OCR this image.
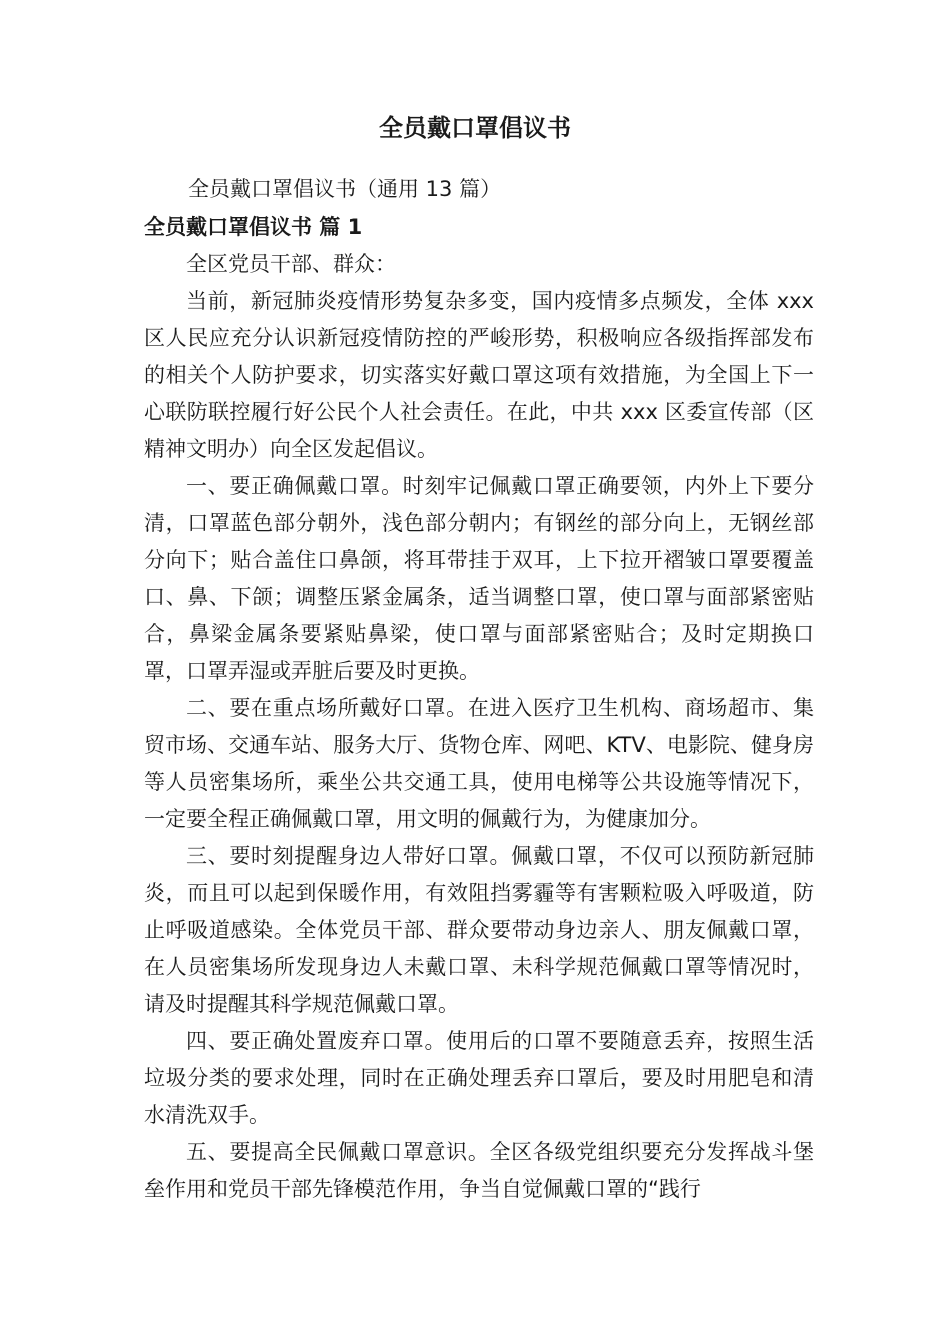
全员戴口罩倡议书

全员戴口罩倡议书（通用 13 篇）

全员戴口罩倡议书 篇 1

全区党员干部、群众：

当前，新冠肺炎疫情形势复杂多变，国内疫情多点频发，全体 xxx 区人民应充分认识新冠疫情防控的严峻形势，积极响应各级指挥部发布的相关个人防护要求，切实落实好戴口罩这项有效措施，为全国上下一心联防联控履行好公民个人社会责任。在此，中共 xxx 区委宣传部（区精神文明办）向全区发起倡议。

一、要正确佩戴口罩。时刻牢记佩戴口罩正确要领，内外上下要分清，口罩蓝色部分朝外，浅色部分朝内；有钢丝的部分向上，无钢丝部分向下；贴合盖住口鼻颌，将耳带挂于双耳，上下拉开褶皱口罩要覆盖口、鼻、下颌；调整压紧金属条，适当调整口罩，使口罩与面部紧密贴合，鼻梁金属条要紧贴鼻梁，使口罩与面部紧密贴合；及时定期换口罩，口罩弄湿或弄脏后要及时更换。

二、要在重点场所戴好口罩。在进入医疗卫生机构、商场超市、集贸市场、交通车站、服务大厅、货物仓库、网吧、KTV、电影院、健身房等人员密集场所，乘坐公共交通工具，使用电梯等公共设施等情况下，一定要全程正确佩戴口罩，用文明的佩戴行为，为健康加分。

三、要时刻提醒身边人带好口罩。佩戴口罩，不仅可以预防新冠肺炎，而且可以起到保暖作用，有效阻挡雾霾等有害颗粒吸入呼吸道，防止呼吸道感染。全体党员干部、群众要带动身边亲人、朋友佩戴口罩，在人员密集场所发现身边人未戴口罩、未科学规范佩戴口罩等情况时，请及时提醒其科学规范佩戴口罩。

四、要正确处置废弃口罩。使用后的口罩不要随意丢弃，按照生活垃圾分类的要求处理，同时在正确处理丢弃口罩后，要及时用肥皂和清水清洗双手。

五、要提高全民佩戴口罩意识。全区各级党组织要充分发挥战斗堡垒作用和党员干部先锋模范作用，争当自觉佩戴口罩的“践行
